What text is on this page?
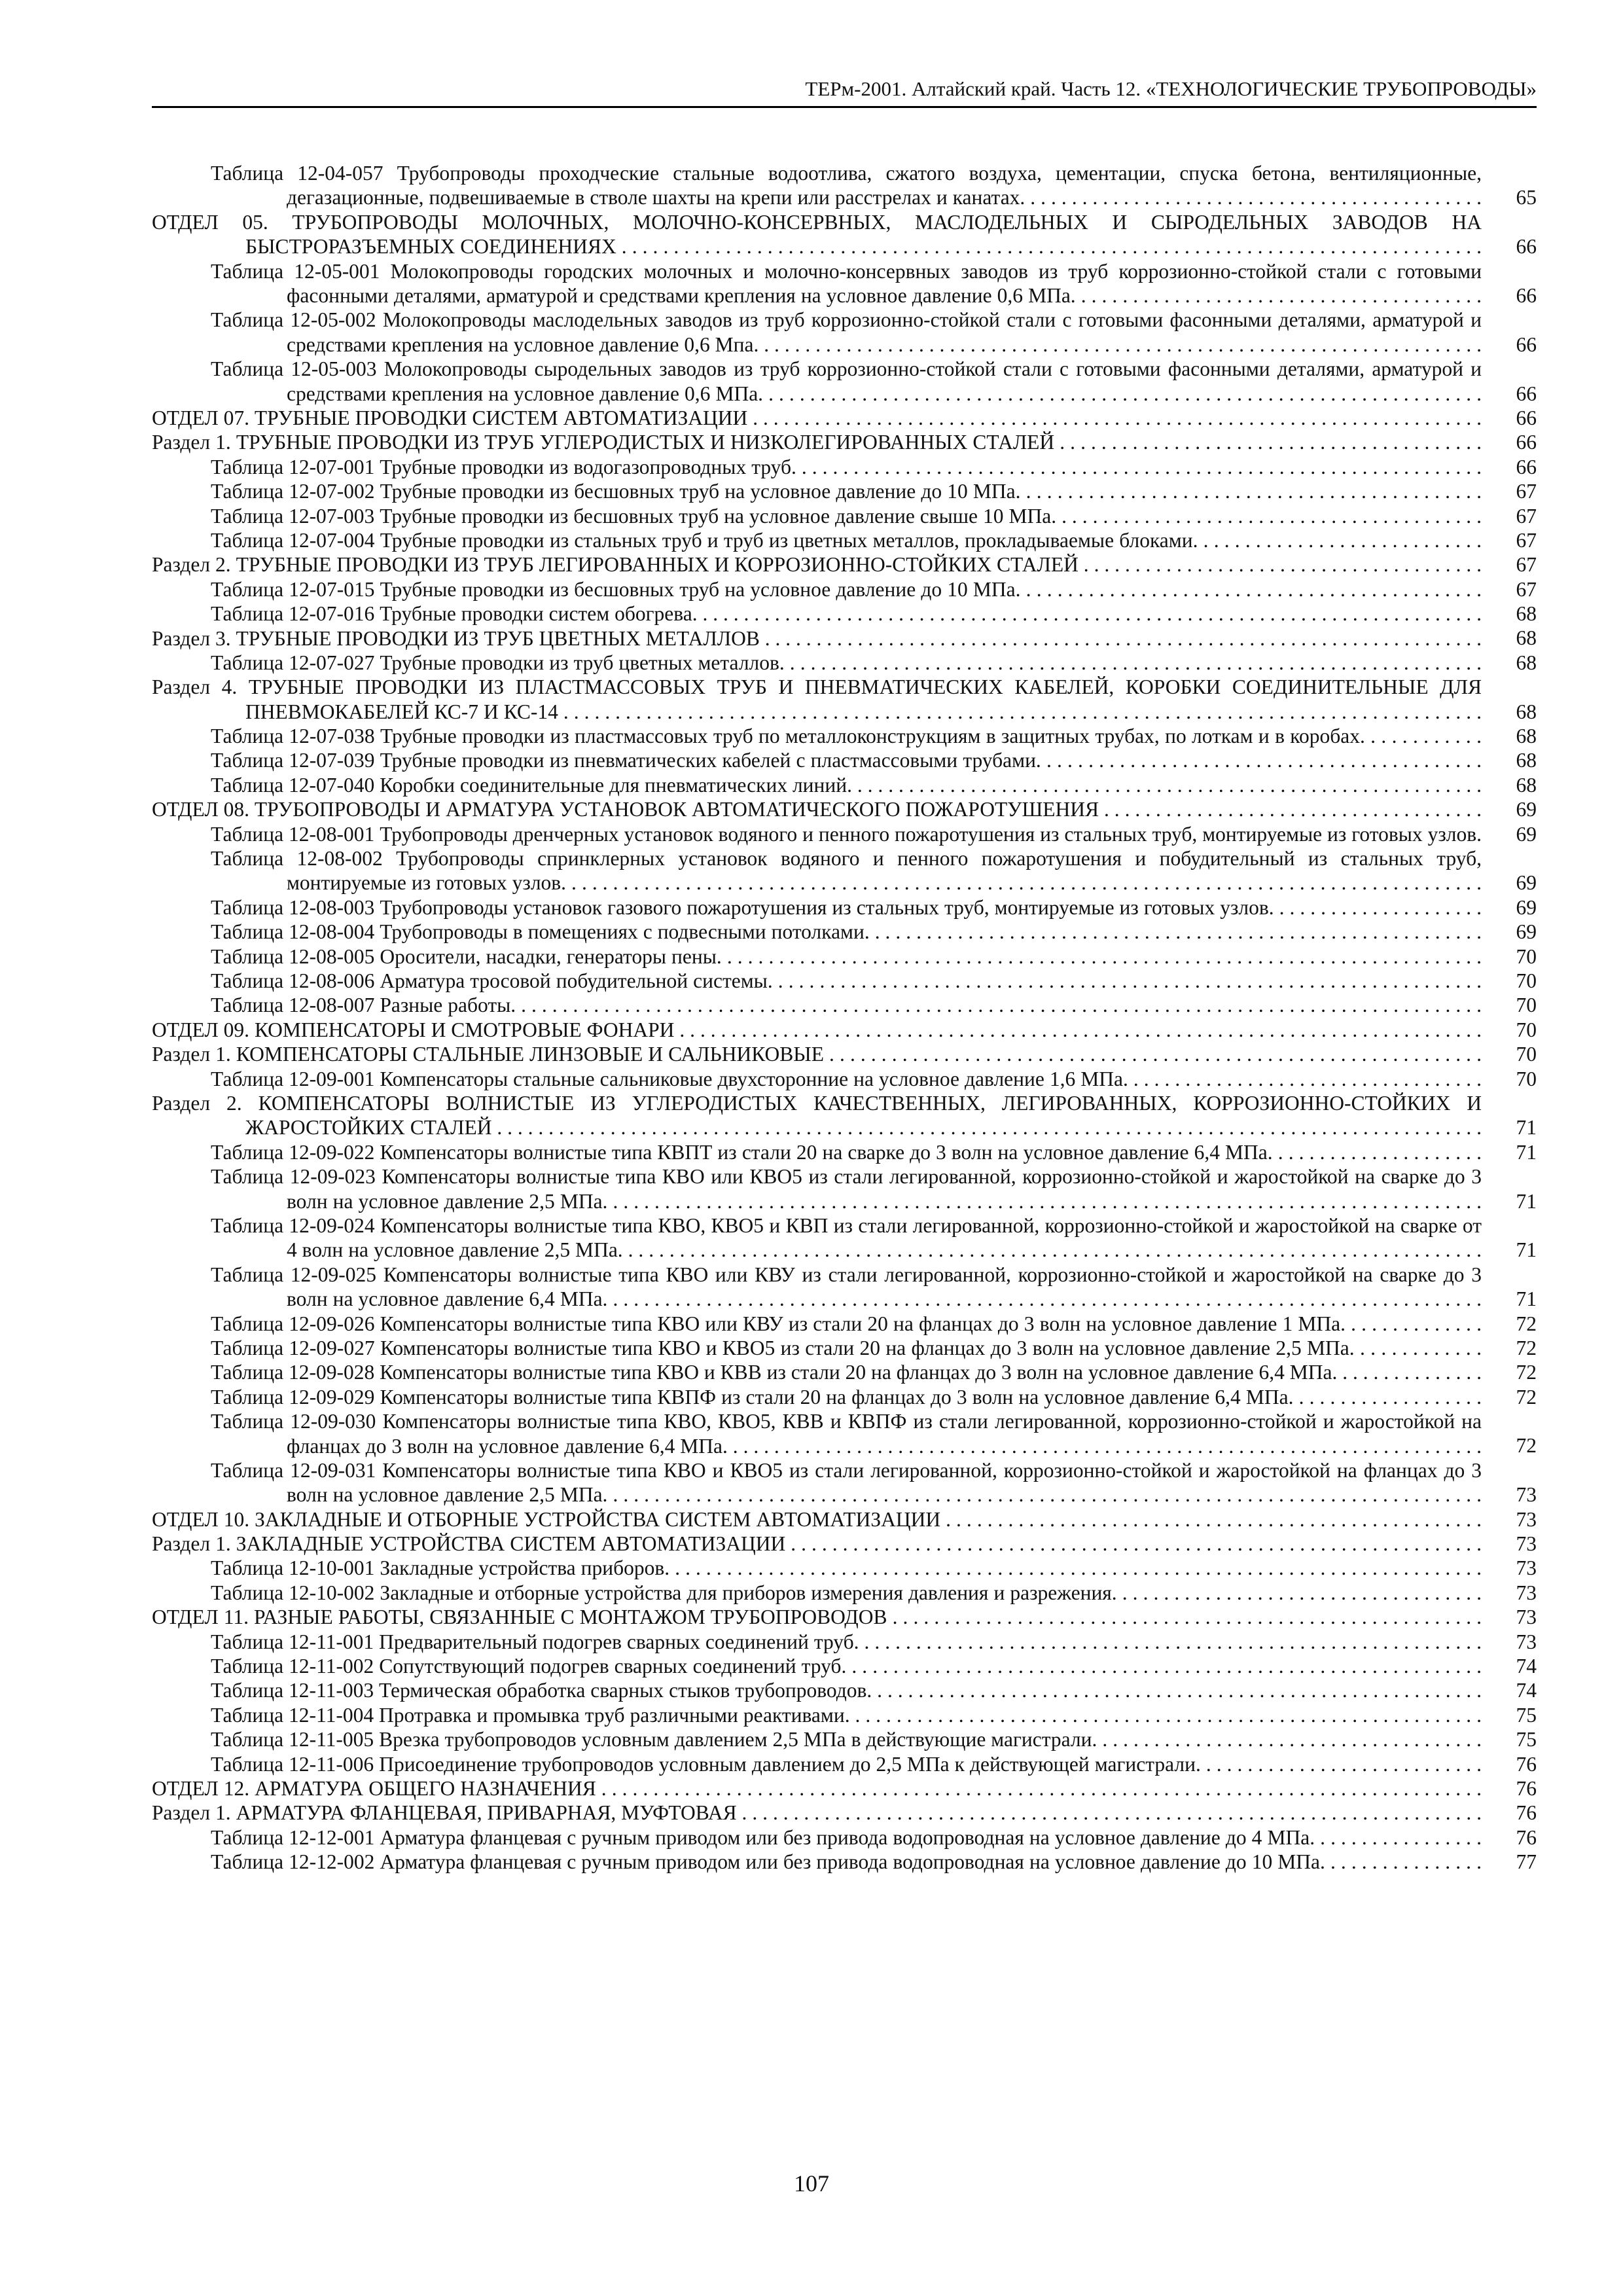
ТЕРм-2001. Алтайский край. Часть 12. «ТЕХНОЛОГИЧЕСКИЕ ТРУБОПРОВОДЫ»
Таблица 12-04-057 Трубопроводы проходческие стальные водоотлива, сжатого воздуха, цементации, спуска бетона, вентиляционные, дегазационные, подвешиваемые в стволе шахты на крепи или расстрелах и канатах. . . .	65
ОТДЕЛ 05. ТРУБОПРОВОДЫ МОЛОЧНЫХ, МОЛОЧНО-КОНСЕРВНЫХ, МАСЛОДЕЛЬНЫХ И СЫРОДЕЛЬНЫХ ЗАВОДОВ НА БЫСТРОРАЗЪЕМНЫХ СОЕДИНЕНИЯХ . . .	66
Таблица 12-05-001 Молокопроводы городских молочных и молочно-консервных заводов из труб коррозионно-стойкой стали с готовыми фасонными деталями, арматурой и средствами крепления на условное давление 0,6 МПа. . . .	66
Таблица 12-05-002 Молокопроводы маслодельных заводов из труб коррозионно-стойкой стали с готовыми фасонными деталями, арматурой и средствами крепления на условное давление 0,6 Мпа. . . .	66
Таблица 12-05-003 Молокопроводы сыродельных заводов из труб коррозионно-стойкой стали с готовыми фасонными деталями, арматурой и средствами крепления на условное давление 0,6 МПа. . . .	66
ОТДЕЛ 07. ТРУБНЫЕ ПРОВОДКИ СИСТЕМ АВТОМАТИЗАЦИИ . . .	66
Раздел 1. ТРУБНЫЕ ПРОВОДКИ ИЗ ТРУБ УГЛЕРОДИСТЫХ И НИЗКОЛЕГИРОВАННЫХ СТАЛЕЙ . . .	66
Таблица 12-07-001 Трубные проводки из водогазопроводных труб. . . .	66
Таблица 12-07-002 Трубные проводки из бесшовных труб на условное давление до 10 МПа. . . .	67
Таблица 12-07-003 Трубные проводки из бесшовных труб на условное давление свыше 10 МПа. . . .	67
Таблица 12-07-004 Трубные проводки из стальных труб и труб из цветных металлов, прокладываемые блоками. . . .	67
Раздел 2. ТРУБНЫЕ ПРОВОДКИ ИЗ ТРУБ ЛЕГИРОВАННЫХ И КОРРОЗИОННО-СТОЙКИХ СТАЛЕЙ . . .	67
Таблица 12-07-015 Трубные проводки из бесшовных труб на условное давление до 10 МПа. . . .	67
Таблица 12-07-016 Трубные проводки систем обогрева. . . .	68
Раздел 3. ТРУБНЫЕ ПРОВОДКИ ИЗ ТРУБ ЦВЕТНЫХ МЕТАЛЛОВ . . .	68
Таблица 12-07-027 Трубные проводки из труб цветных металлов. . . .	68
Раздел 4. ТРУБНЫЕ ПРОВОДКИ ИЗ ПЛАСТМАССОВЫХ ТРУБ И ПНЕВМАТИЧЕСКИХ КАБЕЛЕЙ, КОРОБКИ СОЕДИНИТЕЛЬНЫЕ ДЛЯ ПНЕВМОКАБЕЛЕЙ КС-7 И КС-14 . . .	68
Таблица 12-07-038 Трубные проводки из пластмассовых труб по металлоконструкциям в защитных трубах, по лоткам и в коробах. . . .	68
Таблица 12-07-039 Трубные проводки из пневматических кабелей с пластмассовыми трубами. . . .	68
Таблица 12-07-040 Коробки соединительные для пневматических линий. . . .	68
ОТДЕЛ 08. ТРУБОПРОВОДЫ И АРМАТУРА УСТАНОВОК АВТОМАТИЧЕСКОГО ПОЖАРОТУШЕНИЯ . . .	69
Таблица 12-08-001 Трубопроводы дренчерных установок водяного и пенного пожаротушения из стальных труб, монтируемые из готовых узлов. . . .	69
Таблица 12-08-002 Трубопроводы спринклерных установок водяного и пенного пожаротушения и побудительный из стальных труб, монтируемые из готовых узлов. . . .	69
Таблица 12-08-003 Трубопроводы установок газового пожаротушения из стальных труб, монтируемые из готовых узлов. . . .	69
Таблица 12-08-004 Трубопроводы в помещениях с подвесными потолками. . . .	69
Таблица 12-08-005 Оросители, насадки, генераторы пены. . . .	70
Таблица 12-08-006 Арматура тросовой побудительной системы. . . .	70
Таблица 12-08-007 Разные работы. . . .	70
ОТДЕЛ 09. КОМПЕНСАТОРЫ И СМОТРОВЫЕ ФОНАРИ . . .	70
Раздел 1. КОМПЕНСАТОРЫ СТАЛЬНЫЕ ЛИНЗОВЫЕ И САЛЬНИКОВЫЕ . . .	70
Таблица 12-09-001 Компенсаторы стальные сальниковые двухсторонние на условное давление 1,6 МПа. . . .	70
Раздел 2. КОМПЕНСАТОРЫ ВОЛНИСТЫЕ ИЗ УГЛЕРОДИСТЫХ КАЧЕСТВЕННЫХ, ЛЕГИРОВАННЫХ, КОРРОЗИОННО-СТОЙКИХ И ЖАРОСТОЙКИХ СТАЛЕЙ . . .	71
Таблица 12-09-022 Компенсаторы волнистые типа КВПТ из стали 20 на сварке до 3 волн на условное давление 6,4 МПа. . . .	71
Таблица 12-09-023 Компенсаторы волнистые типа КВО или КВО5 из стали легированной, коррозионно-стойкой и жаростойкой на сварке до 3 волн на условное давление 2,5 МПа. . . .	71
Таблица 12-09-024 Компенсаторы волнистые типа КВО, КВО5 и КВП из стали легированной, коррозионно-стойкой и жаростойкой на сварке от 4 волн на условное давление 2,5 МПа. . . .	71
Таблица 12-09-025 Компенсаторы волнистые типа КВО или КВУ из стали легированной, коррозионно-стойкой и жаростойкой на сварке до 3 волн на условное давление 6,4 МПа. . . .	71
Таблица 12-09-026 Компенсаторы волнистые типа КВО или КВУ из стали 20 на фланцах до 3 волн на условное давление 1 МПа. . . .	72
Таблица 12-09-027 Компенсаторы волнистые типа КВО и КВО5 из стали 20 на фланцах до 3 волн на условное давление 2,5 МПа. . . .	72
Таблица 12-09-028 Компенсаторы волнистые типа КВО и КВВ из стали 20 на фланцах до 3 волн на условное давление 6,4 МПа. . . .	72
Таблица 12-09-029 Компенсаторы волнистые типа КВПФ из стали 20 на фланцах до 3 волн на условное давление 6,4 МПа. . . .	72
Таблица 12-09-030 Компенсаторы волнистые типа КВО, КВО5, КВВ и КВПФ из стали легированной, коррозионно-стойкой и жаростойкой на фланцах до 3 волн на условное давление 6,4 МПа. . . .	72
Таблица 12-09-031 Компенсаторы волнистые типа КВО и КВО5 из стали легированной, коррозионно-стойкой и жаростойкой на фланцах до 3 волн на условное давление 2,5 МПа. . . .	73
ОТДЕЛ 10. ЗАКЛАДНЫЕ И ОТБОРНЫЕ УСТРОЙСТВА СИСТЕМ АВТОМАТИЗАЦИИ . . .	73
Раздел 1. ЗАКЛАДНЫЕ УСТРОЙСТВА СИСТЕМ АВТОМАТИЗАЦИИ . . .	73
Таблица 12-10-001 Закладные устройства приборов. . . .	73
Таблица 12-10-002 Закладные и отборные устройства для приборов измерения давления и разрежения. . . .	73
ОТДЕЛ 11. РАЗНЫЕ РАБОТЫ, СВЯЗАННЫЕ С МОНТАЖОМ ТРУБОПРОВОДОВ . . .	73
Таблица 12-11-001 Предварительный подогрев сварных соединений труб. . . .	73
Таблица 12-11-002 Сопутствующий подогрев сварных соединений труб. . . .	74
Таблица 12-11-003 Термическая обработка сварных стыков трубопроводов. . . .	74
Таблица 12-11-004 Протравка и промывка труб различными реактивами. . . .	75
Таблица 12-11-005 Врезка трубопроводов условным давлением 2,5 МПа в действующие магистрали. . . .	75
Таблица 12-11-006 Присоединение трубопроводов условным давлением до 2,5 МПа к действующей магистрали. . . .	76
ОТДЕЛ 12. АРМАТУРА ОБЩЕГО НАЗНАЧЕНИЯ . . .	76
Раздел 1. АРМАТУРА ФЛАНЦЕВАЯ, ПРИВАРНАЯ, МУФТОВАЯ . . .	76
Таблица 12-12-001 Арматура фланцевая с ручным приводом или без привода водопроводная на условное давление до 4 МПа. . . .	76
Таблица 12-12-002 Арматура фланцевая с ручным приводом или без привода водопроводная на условное давление до 10 МПа. . . .	77
107
